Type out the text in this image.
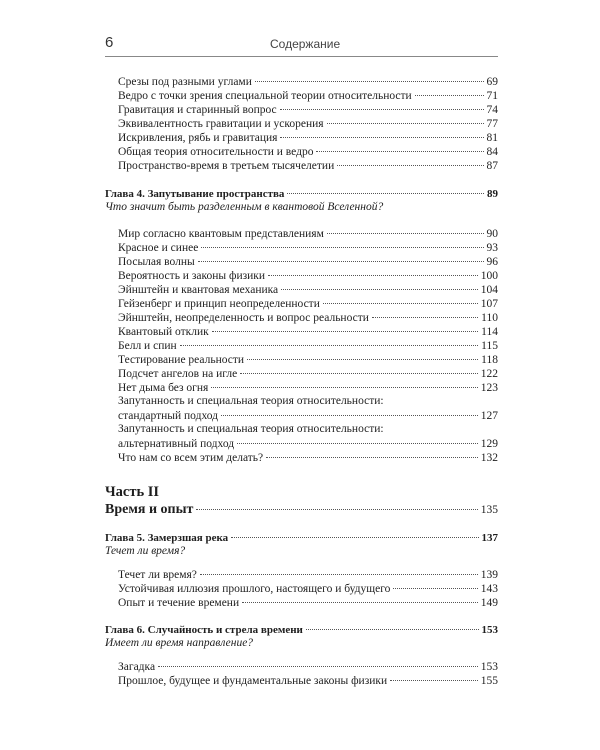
6	Содержание
Срезы под разными углами	69
Ведро с точки зрения специальной теории относительности	71
Гравитация и старинный вопрос	74
Эквивалентность гравитации и ускорения	77
Искривления, рябь и гравитация	81
Общая теория относительности и ведро	84
Пространство-время в третьем тысячелетии	87
Глава 4. Запутывание пространства	89
Что значит быть разделенным в квантовой Вселенной?
Мир согласно квантовым представлениям	90
Красное и синее	93
Посылая волны	96
Вероятность и законы физики	100
Эйнштейн и квантовая механика	104
Гейзенберг и принцип неопределенности	107
Эйнштейн, неопределенность и вопрос реальности	110
Квантовый отклик	114
Белл и спин	115
Тестирование реальности	118
Подсчет ангелов на игле	122
Нет дыма без огня	123
Запутанность и специальная теория относительности:
стандартный подход	127
Запутанность и специальная теория относительности:
альтернативный подход	129
Что нам со всем этим делать?	132
Часть II
Время и опыт	135
Глава 5. Замерзшая река	137
Течет ли время?
Течет ли время?	139
Устойчивая иллюзия прошлого, настоящего и будущего	143
Опыт и течение времени	149
Глава 6. Случайность и стрела времени	153
Имеет ли время направление?
Загадка	153
Прошлое, будущее и фундаментальные законы физики	155
